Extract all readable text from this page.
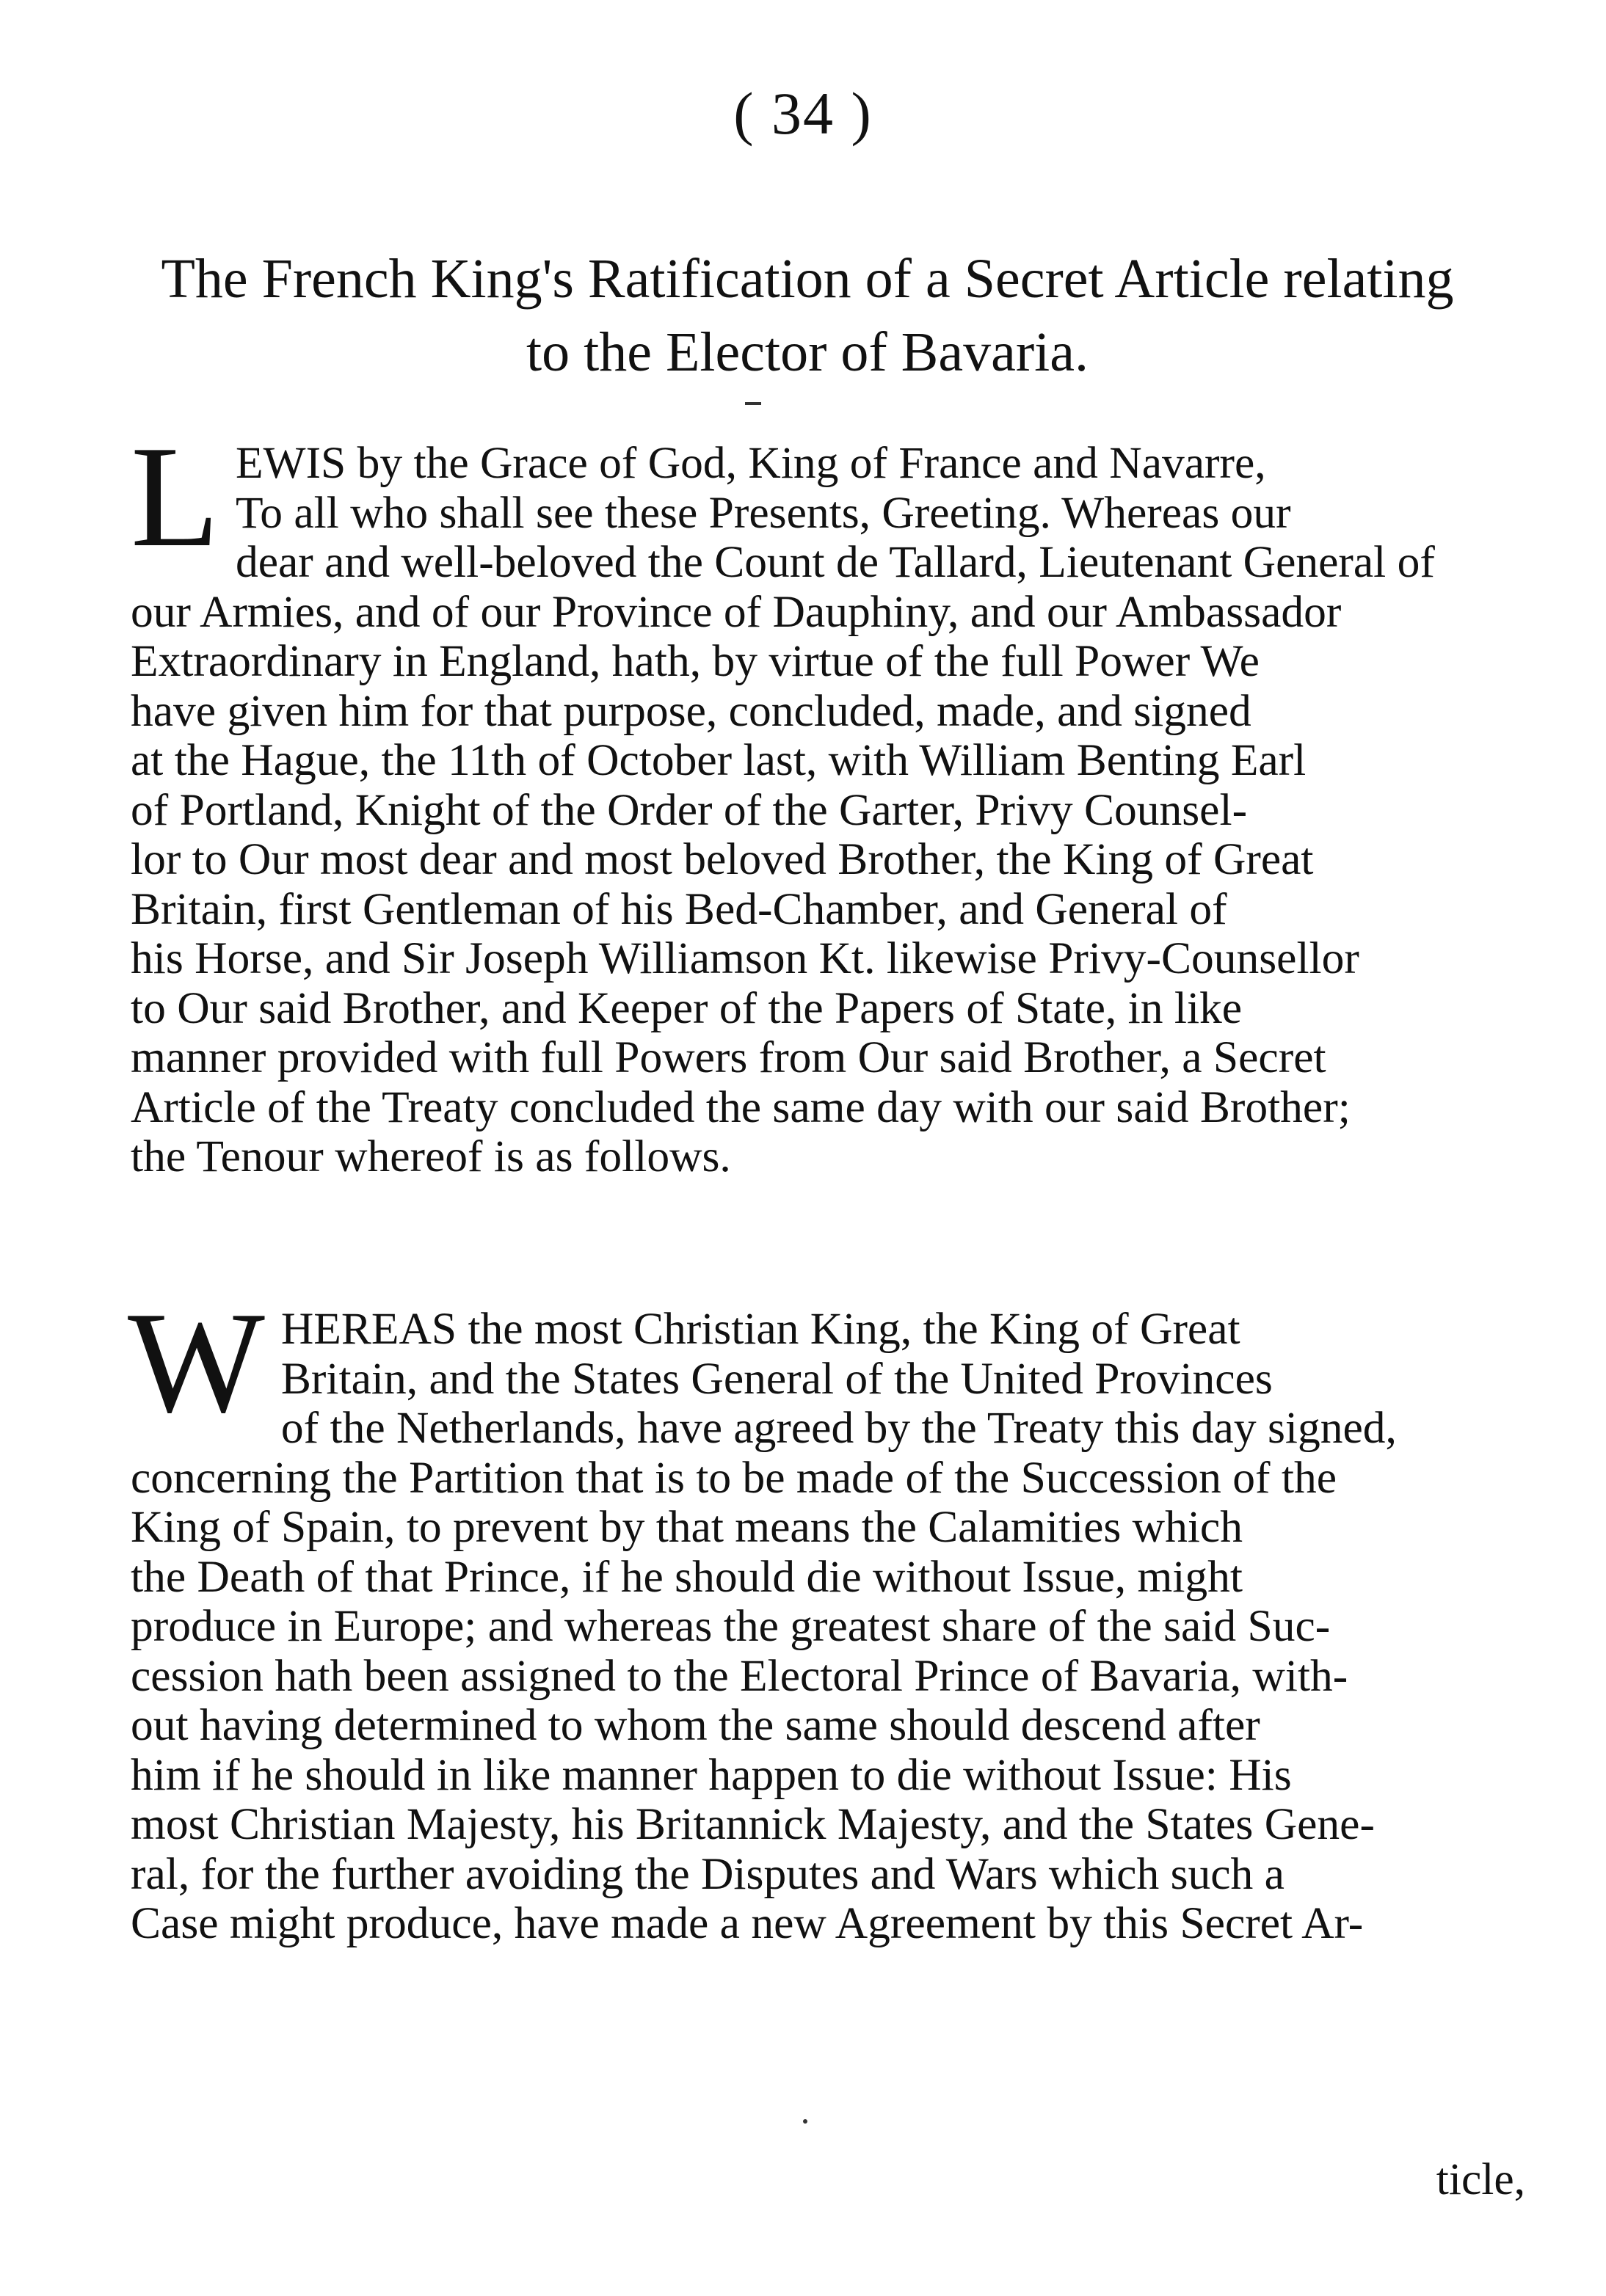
( 34 )
The French King's Ratification of a Secret Article relating
to the Elector of Bavaria.
L EWIS by the Grace of God, King of France and Navarre,
To all who shall see these Presents, Greeting. Whereas our
dear and well-beloved the Count de Tallard, Lieutenant General of
our Armies, and of our Province of Dauphiny, and our Ambassador
Extraordinary in England, hath, by virtue of the full Power We
have given him for that purpose, concluded, made, and signed
at the Hague, the 11th of October last, with William Benting Earl
of Portland, Knight of the Order of the Garter, Privy Counsel-
lor to Our most dear and most beloved Brother, the King of Great
Britain, first Gentleman of his Bed-Chamber, and General of
his Horse, and Sir Joseph Williamson Kt. likewise Privy-Counsellor
to Our said Brother, and Keeper of the Papers of State, in like
manner provided with full Powers from Our said Brother, a Secret
Article of the Treaty concluded the same day with our said Brother;
the Tenour whereof is as follows.
W HEREAS the most Christian King, the King of Great
Britain, and the States General of the United Provinces
of the Netherlands, have agreed by the Treaty this day signed,
concerning the Partition that is to be made of the Succession of the
King of Spain, to prevent by that means the Calamities which
the Death of that Prince, if he should die without Issue, might
produce in Europe; and whereas the greatest share of the said Suc-
cession hath been assigned to the Electoral Prince of Bavaria, with-
out having determined to whom the same should descend after
him if he should in like manner happen to die without Issue: His
most Christian Majesty, his Britannick Majesty, and the States Gene-
ral, for the further avoiding the Disputes and Wars which such a
Case might produce, have made a new Agreement by this Secret Ar-
ticle,
